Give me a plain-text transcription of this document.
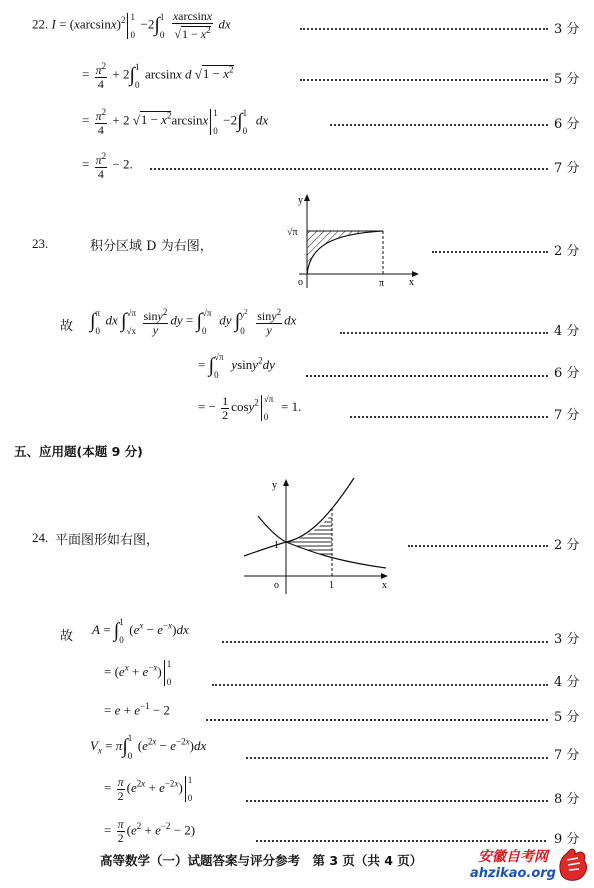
22. $I = (xarcsinx)^2$ 1
0
−2∫ 1
$0 \frac{xarcsinx}{√1 - x^2}$ dx	3 分
= $\frac{\pi^2}{4} + 2\int$ 1
0
arcsinx d $√1 - x^2$
5 分
= $\frac{\pi^2}{4} + 2$ $√1 - x^2\arcsin x$ 1
0
−2∫ 1
0
dx	6 分
= $\frac{\pi^2}{4} - 2$.	7 分
23.	积分区域 D 为右图，
y
x
o	π
√π
2 分
故 ∫ π
0
dx ∫ √π
$√x \frac{\sin y^2}{y}$ dy = ∫ √π
0
dy ∫ $y^2$
$0 \frac{\sin y^2}{y}$ dx
4 分
= ∫ √π
0
ysiny$^2$dy
6 分
= − $\frac{1}{2} \cos y^2$ √π
0
= 1.
7 分
五、应用题(本题 9 分)
24. 平面图形如右图，
y
x
o	1
1	2 分
故 A = ∫ 1
0
$(e^x - e^{-x})dx$
3 分
= $(e^x + e^{-x})$ 1
0	4 分
= $e + e^{-1} - 2$
5 分
$V_x = \pi\int$ 1
0
$(e^{2x} - e^{-2x})dx$
7 分
= $\frac{\pi}{2} (e^{2x} + e^{-2x})$ 1
0	8 分
= $\frac{\pi}{2} (e^2 + e^{-2} - 2)$
9 分
高等数学（一）试题答案与评分参考　第 3 页（共 4 页）	安徽自考网
ahzikao.org
